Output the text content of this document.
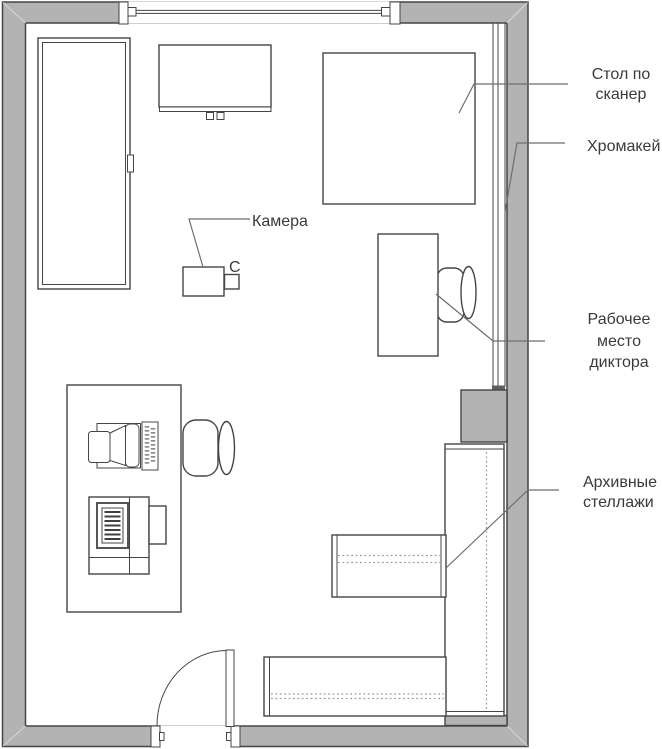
Стол по
сканер
Хромакей
Камера
С
Рабочее
место
диктора
Архивные
стеллажи
